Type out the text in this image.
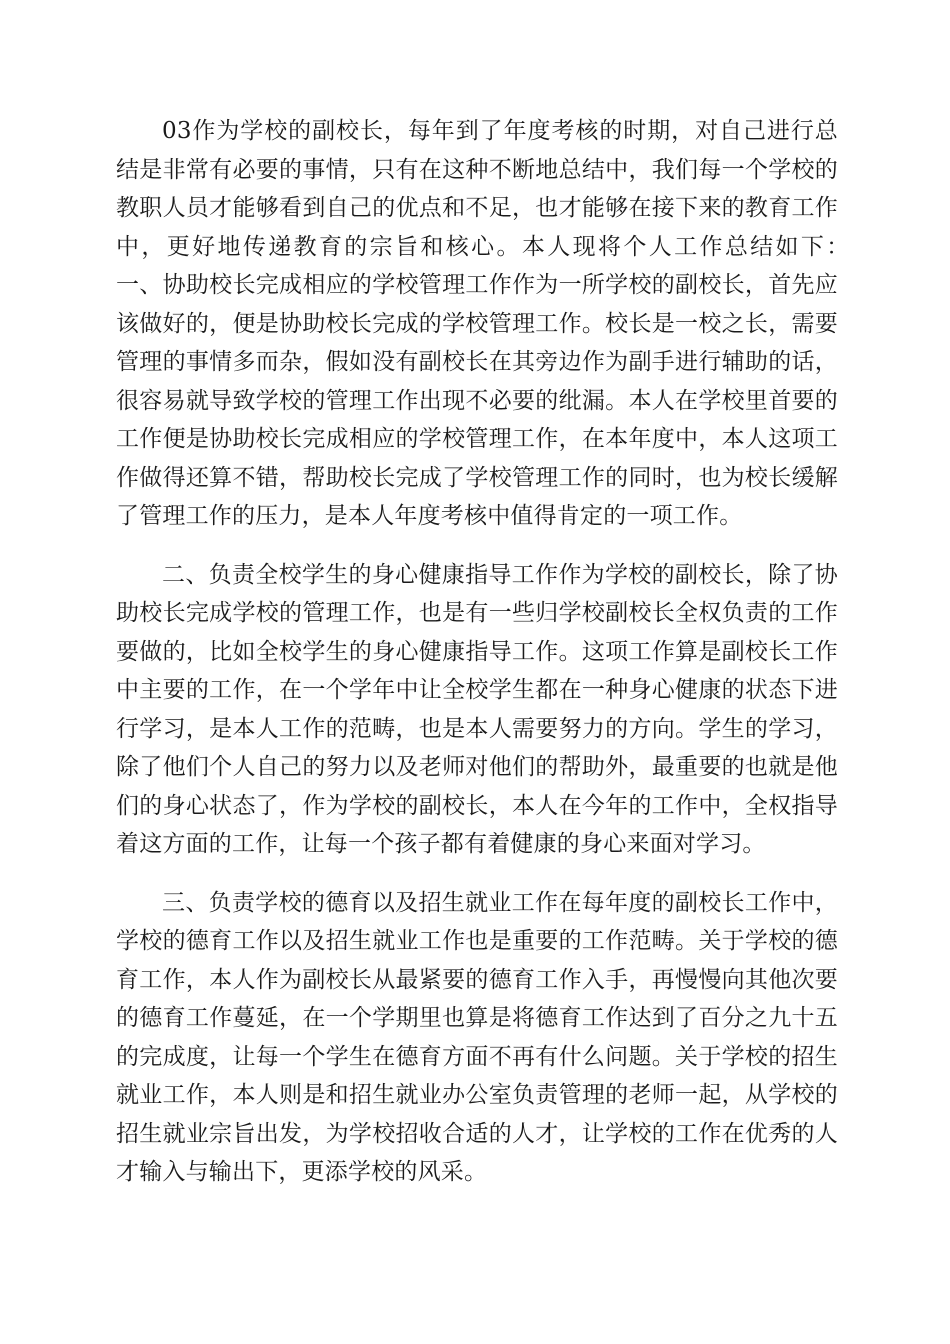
03作为学校的副校长，每年到了年度考核的时期，对自己进行总结是非常有必要的事情，只有在这种不断地总结中，我们每一个学校的教职人员才能够看到自己的优点和不足，也才能够在接下来的教育工作中，更好地传递教育的宗旨和核心。本人现将个人工作总结如下：　　一、协助校长完成相应的学校管理工作作为一所学校的副校长，首先应该做好的，便是协助校长完成的学校管理工作。校长是一校之长，需要管理的事情多而杂，假如没有副校长在其旁边作为副手进行辅助的话，很容易就导致学校的管理工作出现不必要的纰漏。本人在学校里首要的工作便是协助校长完成相应的学校管理工作，在本年度中，本人这项工作做得还算不错，帮助校长完成了学校管理工作的同时，也为校长缓解了管理工作的压力，是本人年度考核中值得肯定的一项工作。

二、负责全校学生的身心健康指导工作作为学校的副校长，除了协助校长完成学校的管理工作，也是有一些归学校副校长全权负责的工作要做的，比如全校学生的身心健康指导工作。这项工作算是副校长工作中主要的工作，在一个学年中让全校学生都在一种身心健康的状态下进行学习，是本人工作的范畴，也是本人需要努力的方向。学生的学习，除了他们个人自己的努力以及老师对他们的帮助外，最重要的也就是他们的身心状态了，作为学校的副校长，本人在今年的工作中，全权指导着这方面的工作，让每一个孩子都有着健康的身心来面对学习。

三、负责学校的德育以及招生就业工作在每年度的副校长工作中，学校的德育工作以及招生就业工作也是重要的工作范畴。关于学校的德育工作，本人作为副校长从最紧要的德育工作入手，再慢慢向其他次要的德育工作蔓延，在一个学期里也算是将德育工作达到了百分之九十五的完成度，让每一个学生在德育方面不再有什么问题。关于学校的招生就业工作，本人则是和招生就业办公室负责管理的老师一起，从学校的招生就业宗旨出发，为学校招收合适的人才，让学校的工作在优秀的人才输入与输出下，更添学校的风采。
